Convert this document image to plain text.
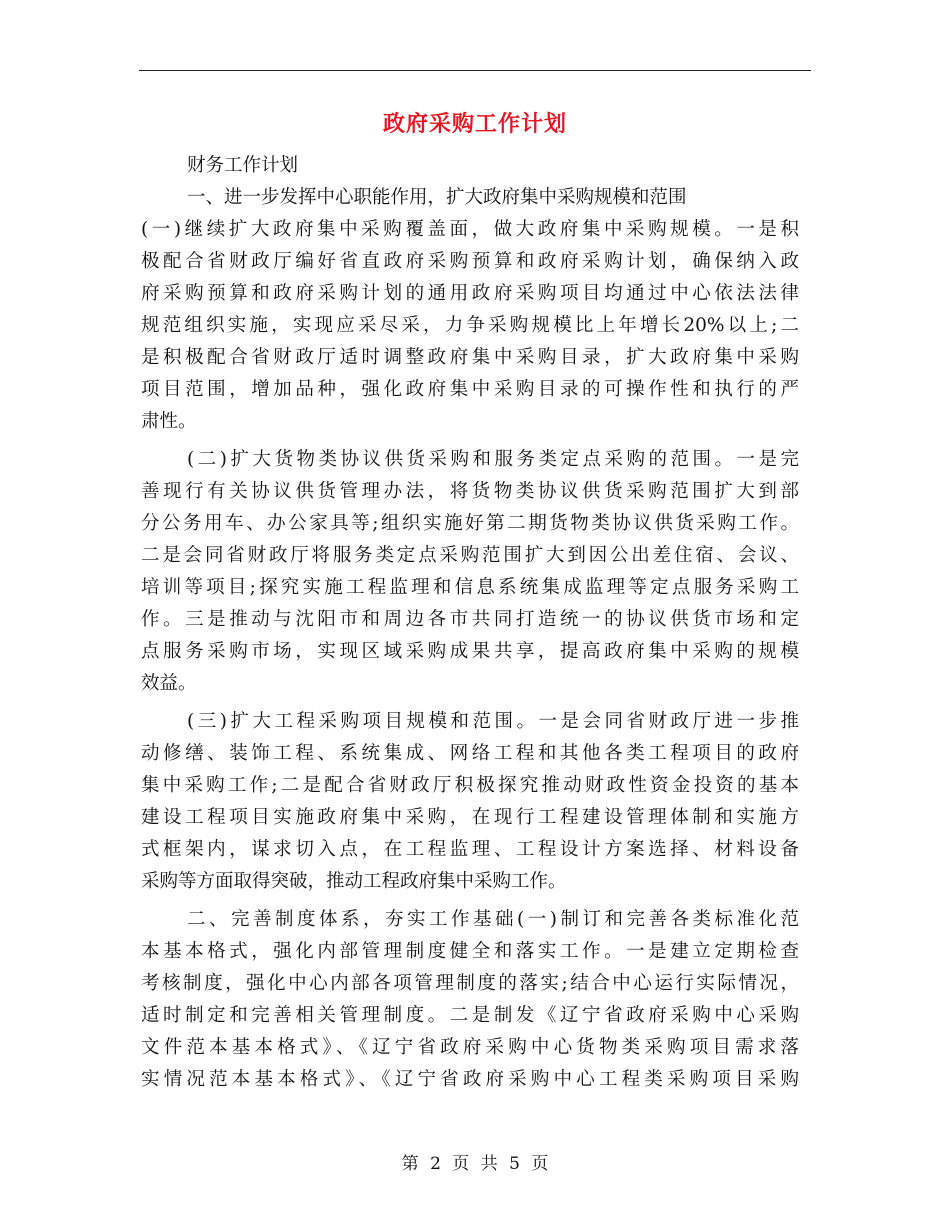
政府采购工作计划
财务工作计划
一、进一步发挥中心职能作用，扩大政府集中采购规模和范围
(一)继续扩大政府集中采购覆盖面，做大政府集中采购规模。一是积
极配合省财政厅编好省直政府采购预算和政府采购计划，确保纳入政
府采购预算和政府采购计划的通用政府采购项目均通过中心依法法律
规范组织实施，实现应采尽采，力争采购规模比上年增长20%以上;二
是积极配合省财政厅适时调整政府集中采购目录，扩大政府集中采购
项目范围，增加品种，强化政府集中采购目录的可操作性和执行的严
肃性。
(二)扩大货物类协议供货采购和服务类定点采购的范围。一是完
善现行有关协议供货管理办法，将货物类协议供货采购范围扩大到部
分公务用车、办公家具等;组织实施好第二期货物类协议供货采购工作。
二是会同省财政厅将服务类定点采购范围扩大到因公出差住宿、会议、
培训等项目;探究实施工程监理和信息系统集成监理等定点服务采购工
作。三是推动与沈阳市和周边各市共同打造统一的协议供货市场和定
点服务采购市场，实现区域采购成果共享，提高政府集中采购的规模
效益。
(三)扩大工程采购项目规模和范围。一是会同省财政厅进一步推
动修缮、装饰工程、系统集成、网络工程和其他各类工程项目的政府
集中采购工作;二是配合省财政厅积极探究推动财政性资金投资的基本
建设工程项目实施政府集中采购，在现行工程建设管理体制和实施方
式框架内，谋求切入点，在工程监理、工程设计方案选择、材料设备
采购等方面取得突破，推动工程政府集中采购工作。
二、完善制度体系，夯实工作基础(一)制订和完善各类标准化范
本基本格式，强化内部管理制度健全和落实工作。一是建立定期检查
考核制度，强化中心内部各项管理制度的落实;结合中心运行实际情况，
适时制定和完善相关管理制度。二是制发《辽宁省政府采购中心采购
文件范本基本格式》、《辽宁省政府采购中心货物类采购项目需求落
实情况范本基本格式》、《辽宁省政府采购中心工程类采购项目采购
第 2 页 共 5 页
